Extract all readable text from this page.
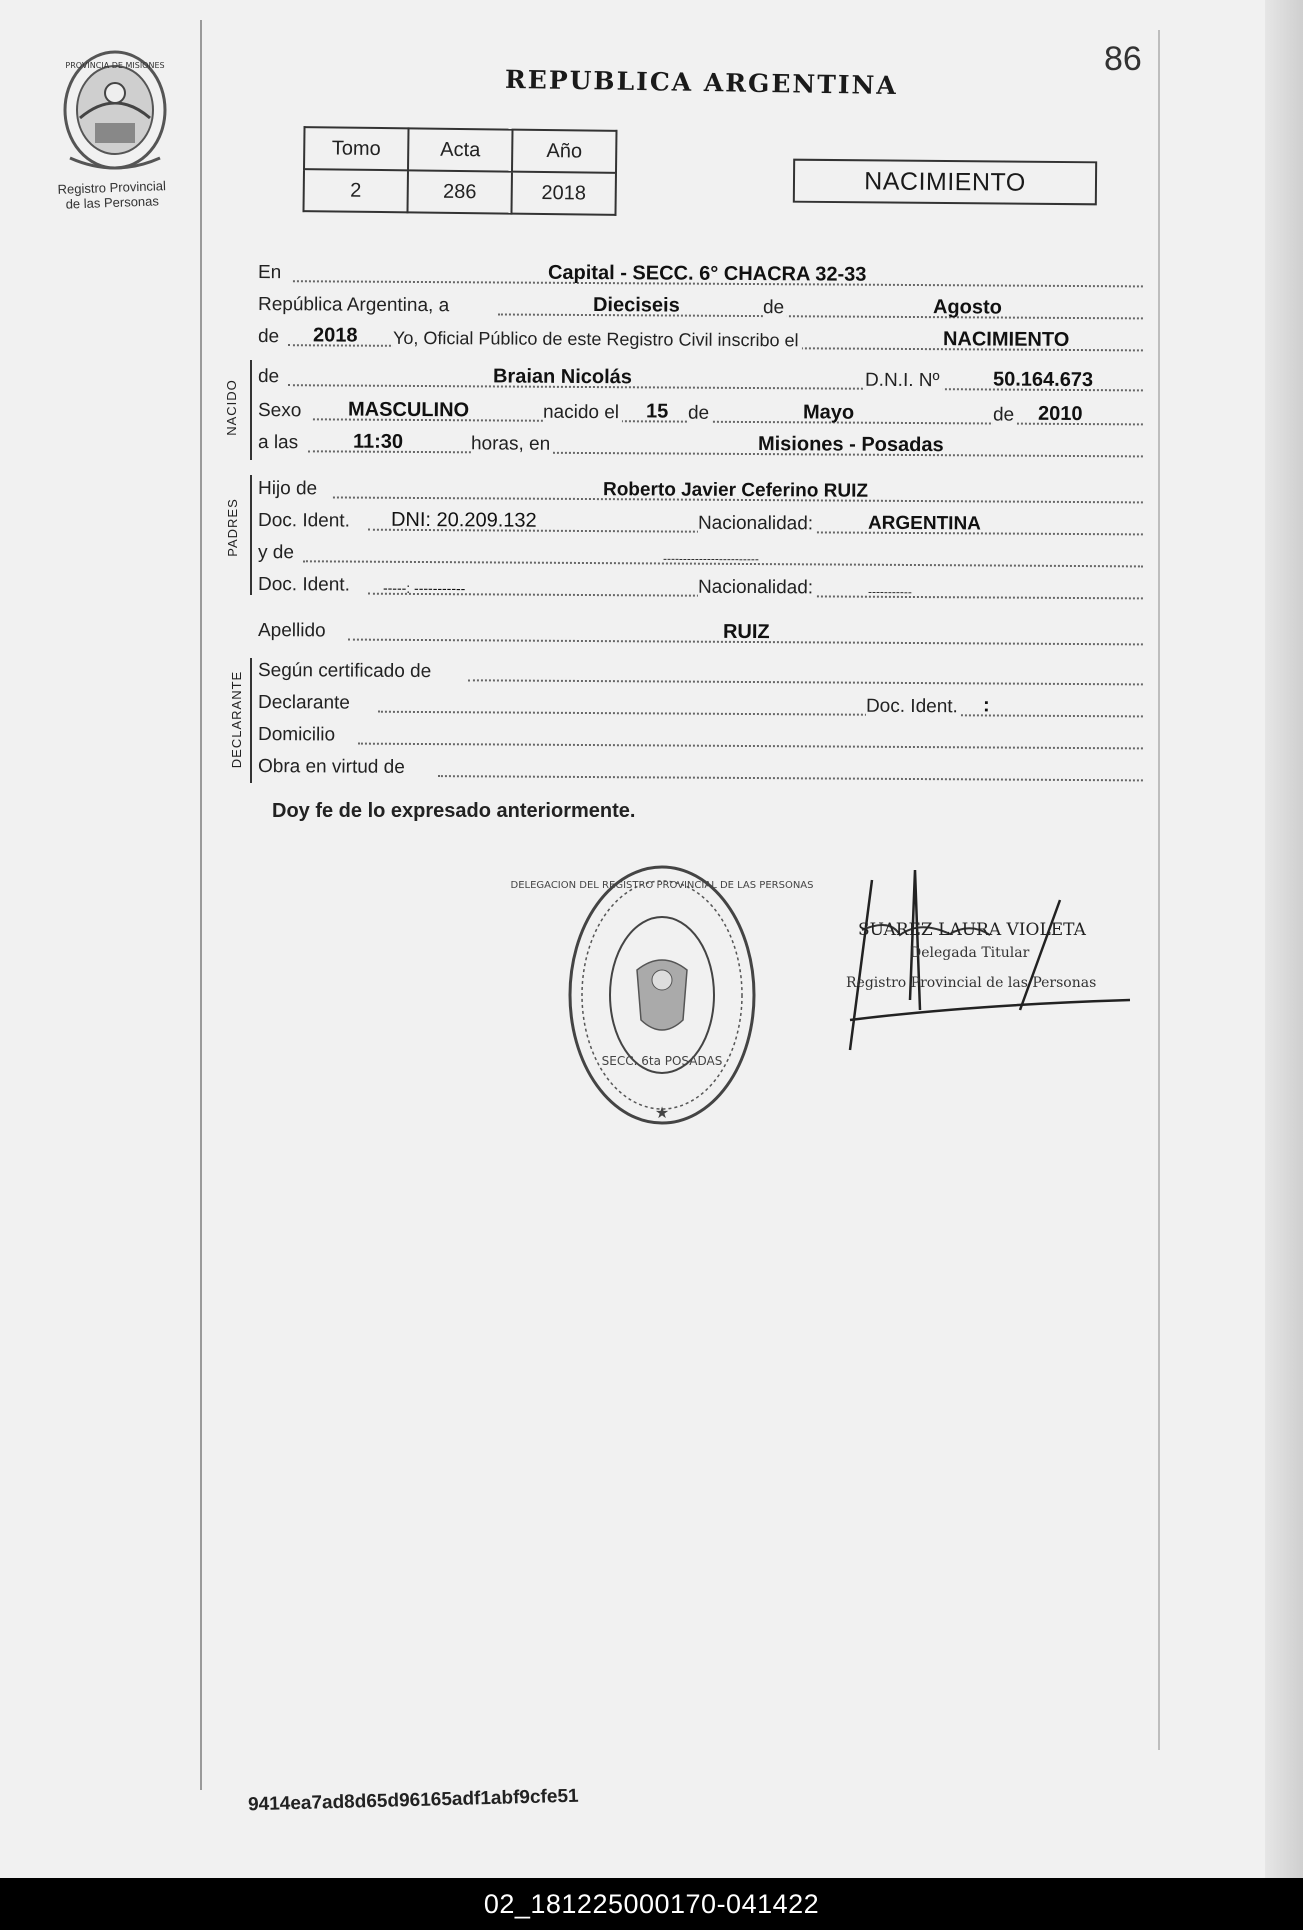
86
REPUBLICA ARGENTINA
PROVINCIA DE MISIONES
Registro Provincial
de las Personas
Tomo	Acta	Año
2	286	2018	NACIMIENTO
En	Capital - SECC. 6° CHACRA 32-33
República Argentina, a	Dieciseis	de	Agosto
de 2018 Yo, Oficial Público de este Registro Civil inscribo el	NACIMIENTO
NACIDO
de	Braian Nicolás	D.N.I. Nº	50.164.673
Sexo MASCULINO	nacido el 15 de	Mayo	de 2010
a las	11:30	horas, en	Misiones - Posadas
PADRES
Hijo de	Roberto Javier Ceferino RUIZ
Doc. Ident. DNI: 20.209.132	Nacionalidad:	ARGENTINA
y de	------------------------
Doc. Ident. -----: -----------	Nacionalidad:	-----------
Apellido	RUIZ
DECLARANTE Según certificado de
Declarante	Doc. Ident. :
Domicilio
Obra en virtud de
Doy fe de lo expresado anteriormente.
DELEGACION DEL REGISTRO PROVINCIAL DE LAS PERSONAS
SECC. 6ta POSADAS
★
SUAREZ LAURA VIOLETA
Delegada Titular
Registro Provincial de las Personas
9414ea7ad8d65d96165adf1abf9cfe51
02_181225000170-041422
